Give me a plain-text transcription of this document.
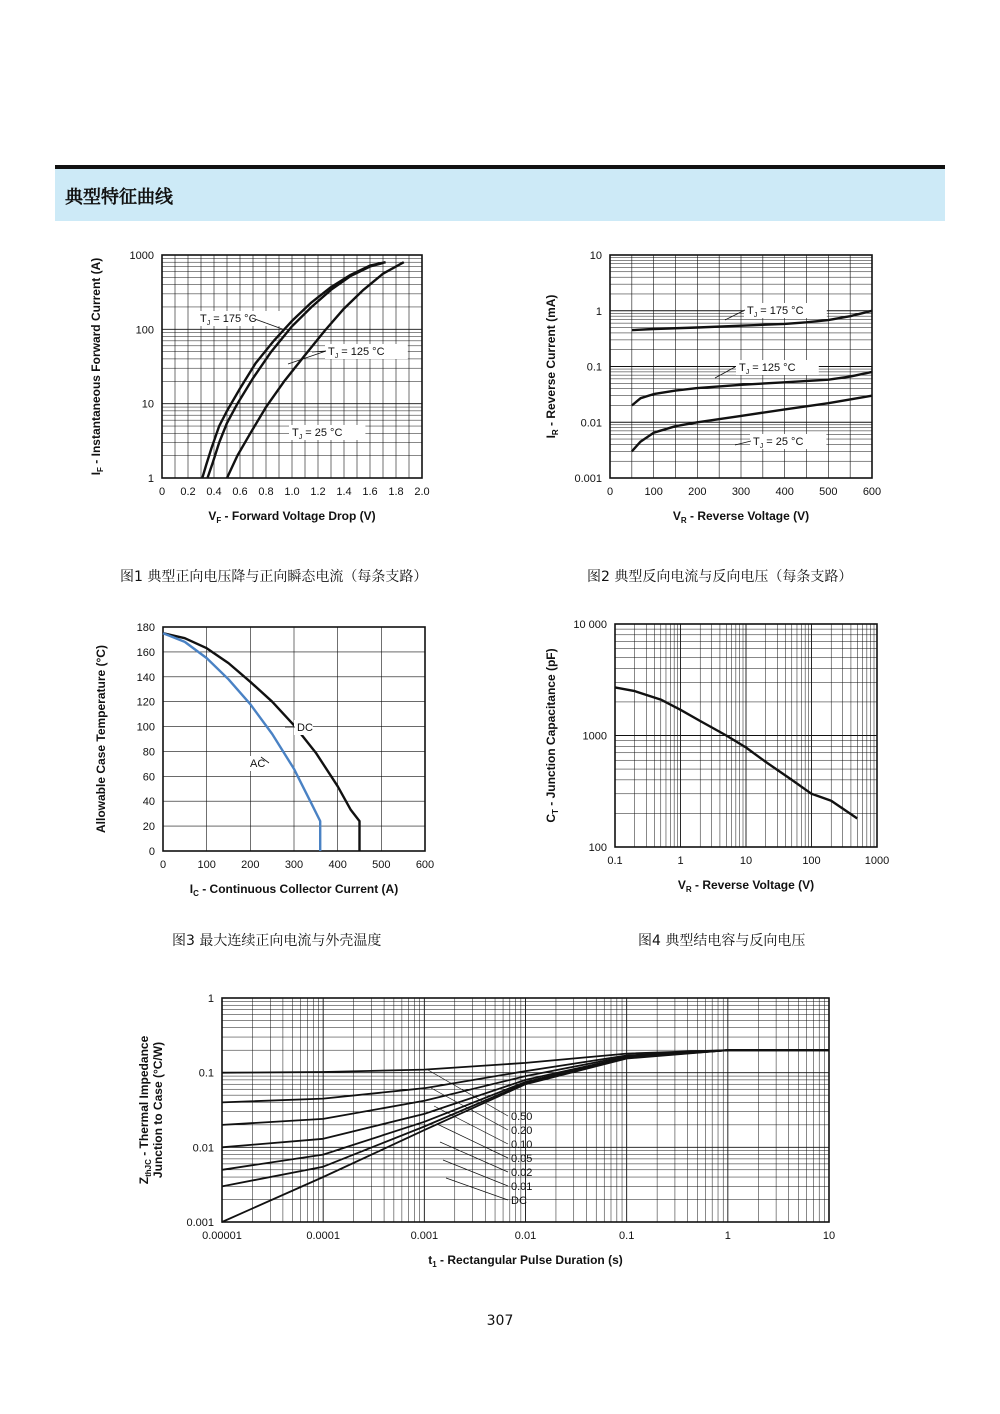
典型特征曲线
0 0.2 0.4 0.6 0.8 1.0 1.2 1.4 1.6 1.8 2.0
1
10
100
1000
$V_F$ - Forward Voltage Drop (V)
$I_F$ - Instantaneous Forward Current (A)	$T_J = 175$ °C
$T_J = 125$ °C
$T_J = 25$ °C
0	100 200 300 400 500 600
0.001
0.01
0.1
1
10
$V_R$ - Reverse Voltage (V)
$I_R$ - Reverse Current (mA)	$T_J = 175$ °C
$T_J = 125$ °C
$T_J = 25$ °C
0	100 200 300 400 500 600
0
20
40
60
80
100
120
140
160
180
$I_C$ - Continuous Collector Current (A)
Allowable Case Temperature (°C)	DC
AC
0.1	1	10	100	1000
100
1000
10 000
$V_R$ - Reverse Voltage (V)
$C_T$ - Junction Capacitance (pF)
0.00001	0.0001	0.001	0.01	0.1	1	10
0.001
0.01
0.1
1
$t_1$ - Rectangular Pulse Duration (s)
$Z_{thJC}$ - Thermal Impedance Junction to Case (°C/W)	0.50
0.20
0.10
0.05
0.02
0.01
DC
图1 典型正向电压降与正向瞬态电流（每条支路）	图2 典型反向电流与反向电压（每条支路）
图3 最大连续正向电流与外壳温度	图4 典型结电容与反向电压
307
